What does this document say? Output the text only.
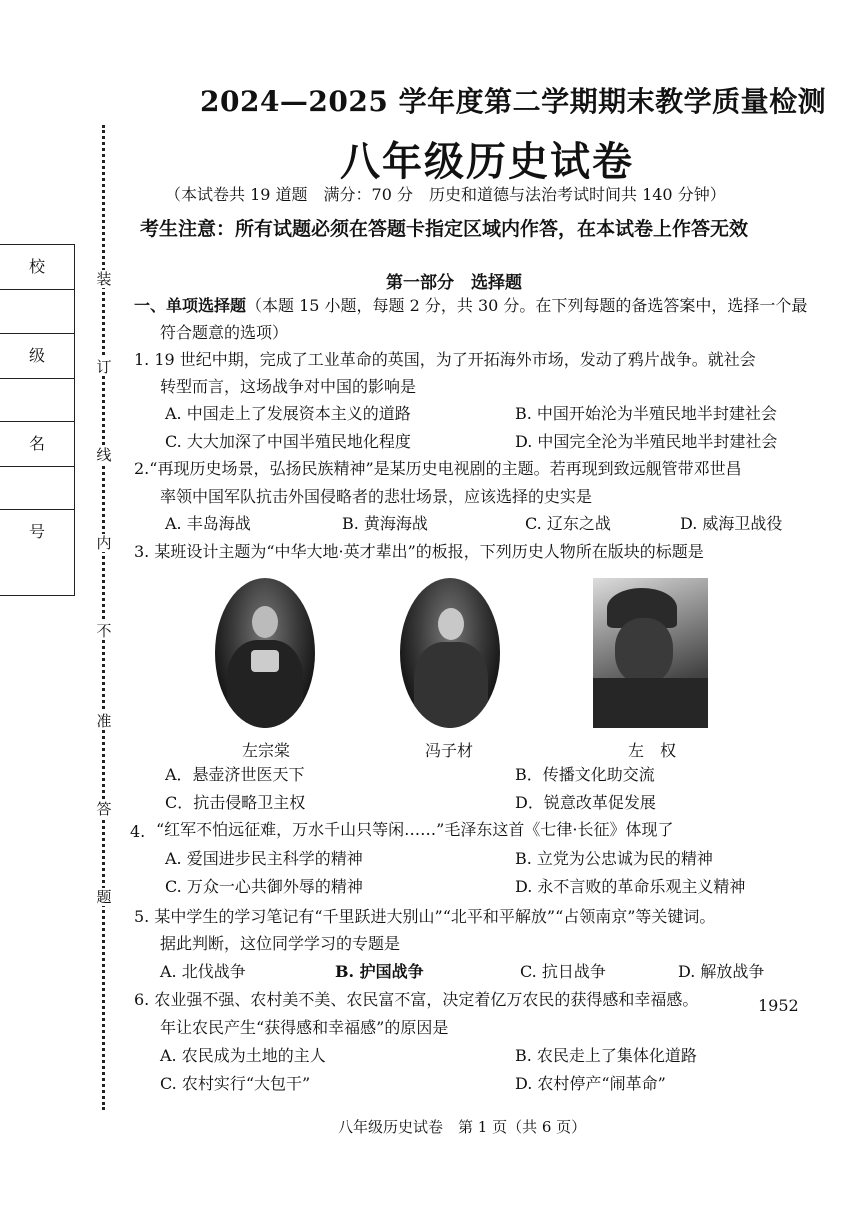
2024—2025 学年度第二学期期末教学质量检测
八年级历史试卷
（本试卷共 19 道题　满分：70 分　历史和道德与法治考试时间共 140 分钟）
考生注意：所有试题必须在答题卡指定区域内作答，在本试卷上作答无效
校
级
名
号
装
订
线
内
不
准
答
题
第一部分　选择题
一、单项选择题（本题 15 小题，每题 2 分，共 30 分。在下列每题的备选答案中，选择一个最
符合题意的选项）
1. 19 世纪中期，完成了工业革命的英国，为了开拓海外市场，发动了鸦片战争。就社会
转型而言，这场战争对中国的影响是
A. 中国走上了发展资本主义的道路	B. 中国开始沦为半殖民地半封建社会
C. 大大加深了中国半殖民地化程度	D. 中国完全沦为半殖民地半封建社会
2.“再现历史场景，弘扬民族精神”是某历史电视剧的主题。若再现到致远舰管带邓世昌
率领中国军队抗击外国侵略者的悲壮场景，应该选择的史实是
A. 丰岛海战	B. 黄海海战	C. 辽东之战	D. 威海卫战役
3. 某班设计主题为“中华大地·英才辈出”的板报，下列历史人物所在版块的标题是
左宗棠	冯子材	左　权
A．悬壶济世医天下	B．传播文化助交流
C．抗击侵略卫主权	D．锐意改革促发展
4. “红军不怕远征难，万水千山只等闲……”毛泽东这首《七律·长征》体现了
A. 爱国进步民主科学的精神	B. 立党为公忠诚为民的精神
C. 万众一心共御外辱的精神	D. 永不言败的革命乐观主义精神
5. 某中学生的学习笔记有“千里跃进大别山”“北平和平解放”“占领南京”等关键词。
据此判断，这位同学学习的专题是
A. 北伐战争	B. 护国战争	C. 抗日战争	D. 解放战争
6. 农业强不强、农村美不美、农民富不富，决定着亿万农民的获得感和幸福感。	1952
年让农民产生“获得感和幸福感”的原因是
A. 农民成为土地的主人	B. 农民走上了集体化道路
C. 农村实行“大包干”	D. 农村停产“闹革命”
八年级历史试卷　第 1 页（共 6 页）
